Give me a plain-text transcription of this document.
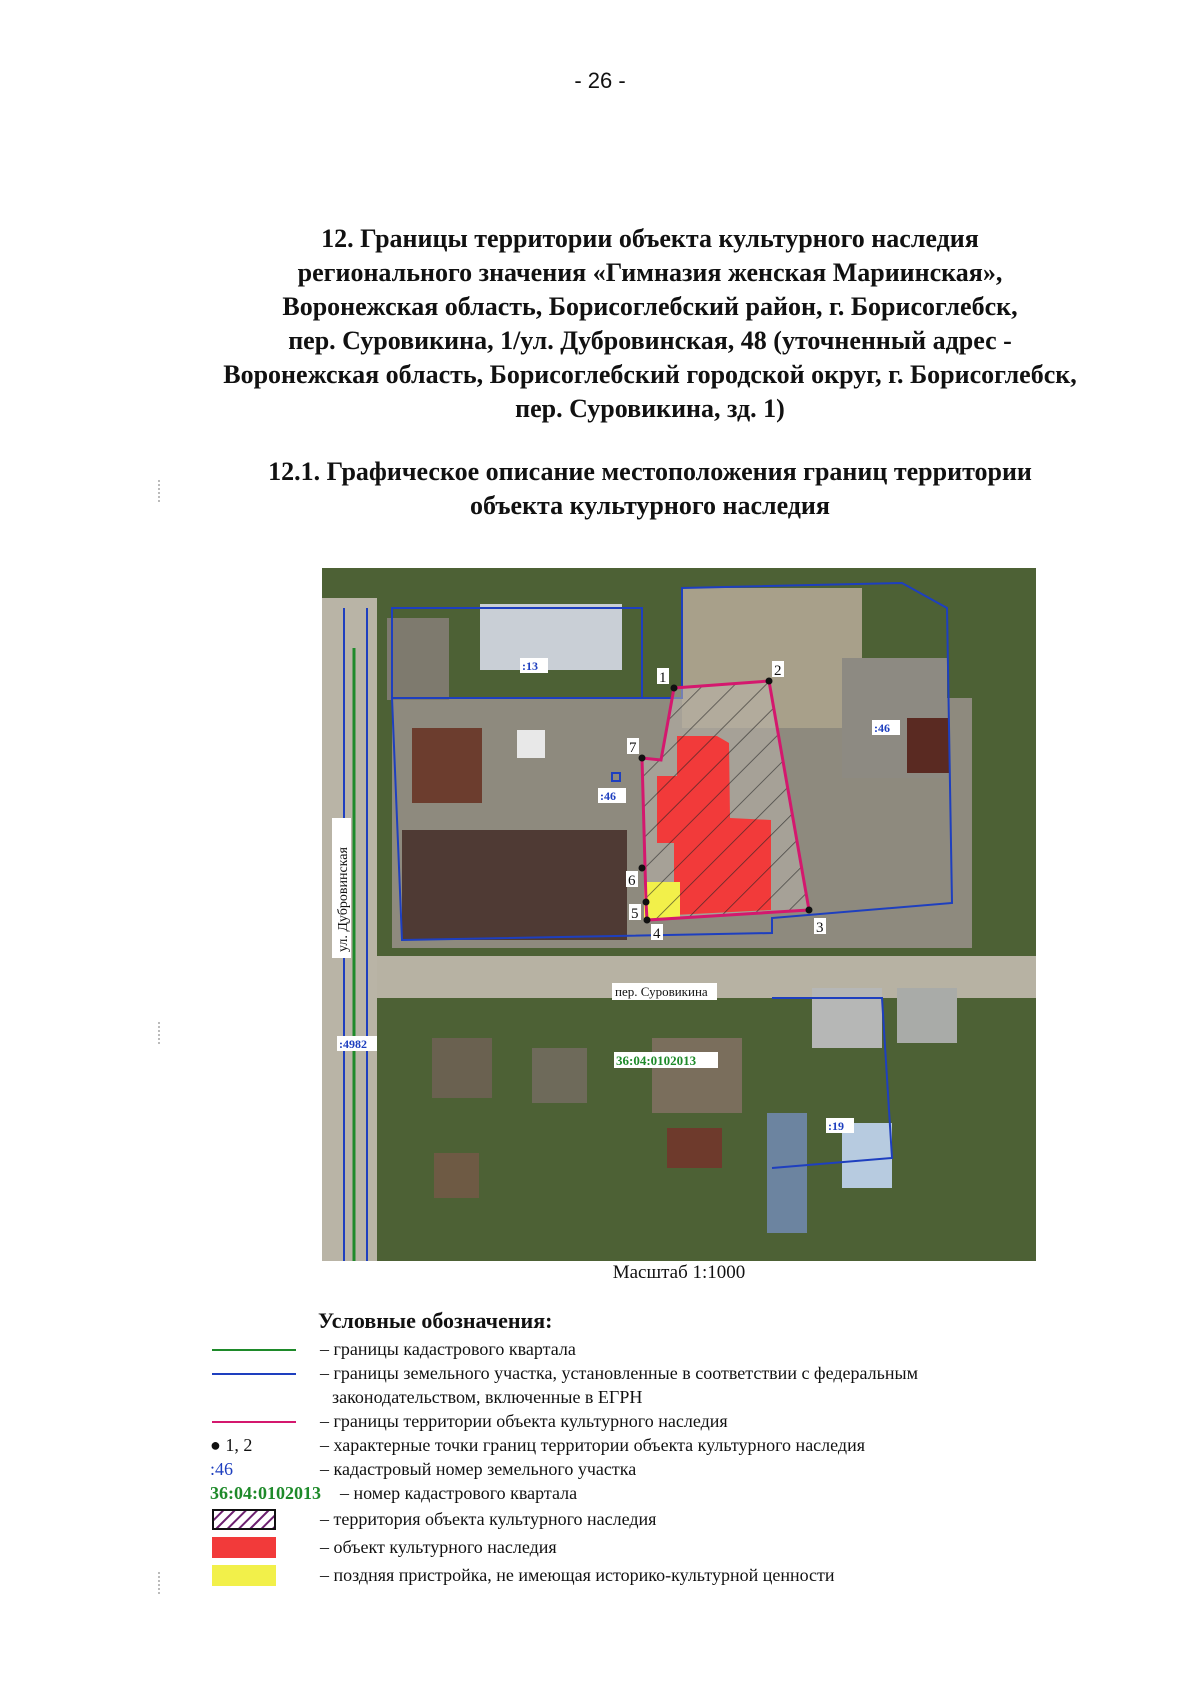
- 26 -
12. Границы территории объекта культурного наследия
регионального значения «Гимназия женская Мариинская»,
Воронежская область, Борисоглебский район, г. Борисоглебск,
пер. Суровикина, 1/ул. Дубровинская, 48 (уточненный адрес -
Воронежская область, Борисоглебский городской округ, г. Борисоглебск,
пер. Суровикина, зд. 1)
12.1. Графическое описание местоположения границ территории
объекта культурного наследия
1	2
3
4
5
6
7
:13
:46
:46
:4982
:19
36:04:0102013
пер. Суровикина
ул. Дубровинская
Масштаб 1:1000
Условные обозначения:
– границы кадастрового квартала
– границы земельного участка, установленные в соответствии с федеральным
законодательством, включенные в ЕГРН
– границы территории объекта культурного наследия
● 1, 2	– характерные точки границ территории объекта культурного наследия
:46	– кадастровый номер земельного участка
36:04:0102013 – номер кадастрового квартала
– территория объекта культурного наследия
– объект культурного наследия
– поздняя пристройка, не имеющая историко-культурной ценности
